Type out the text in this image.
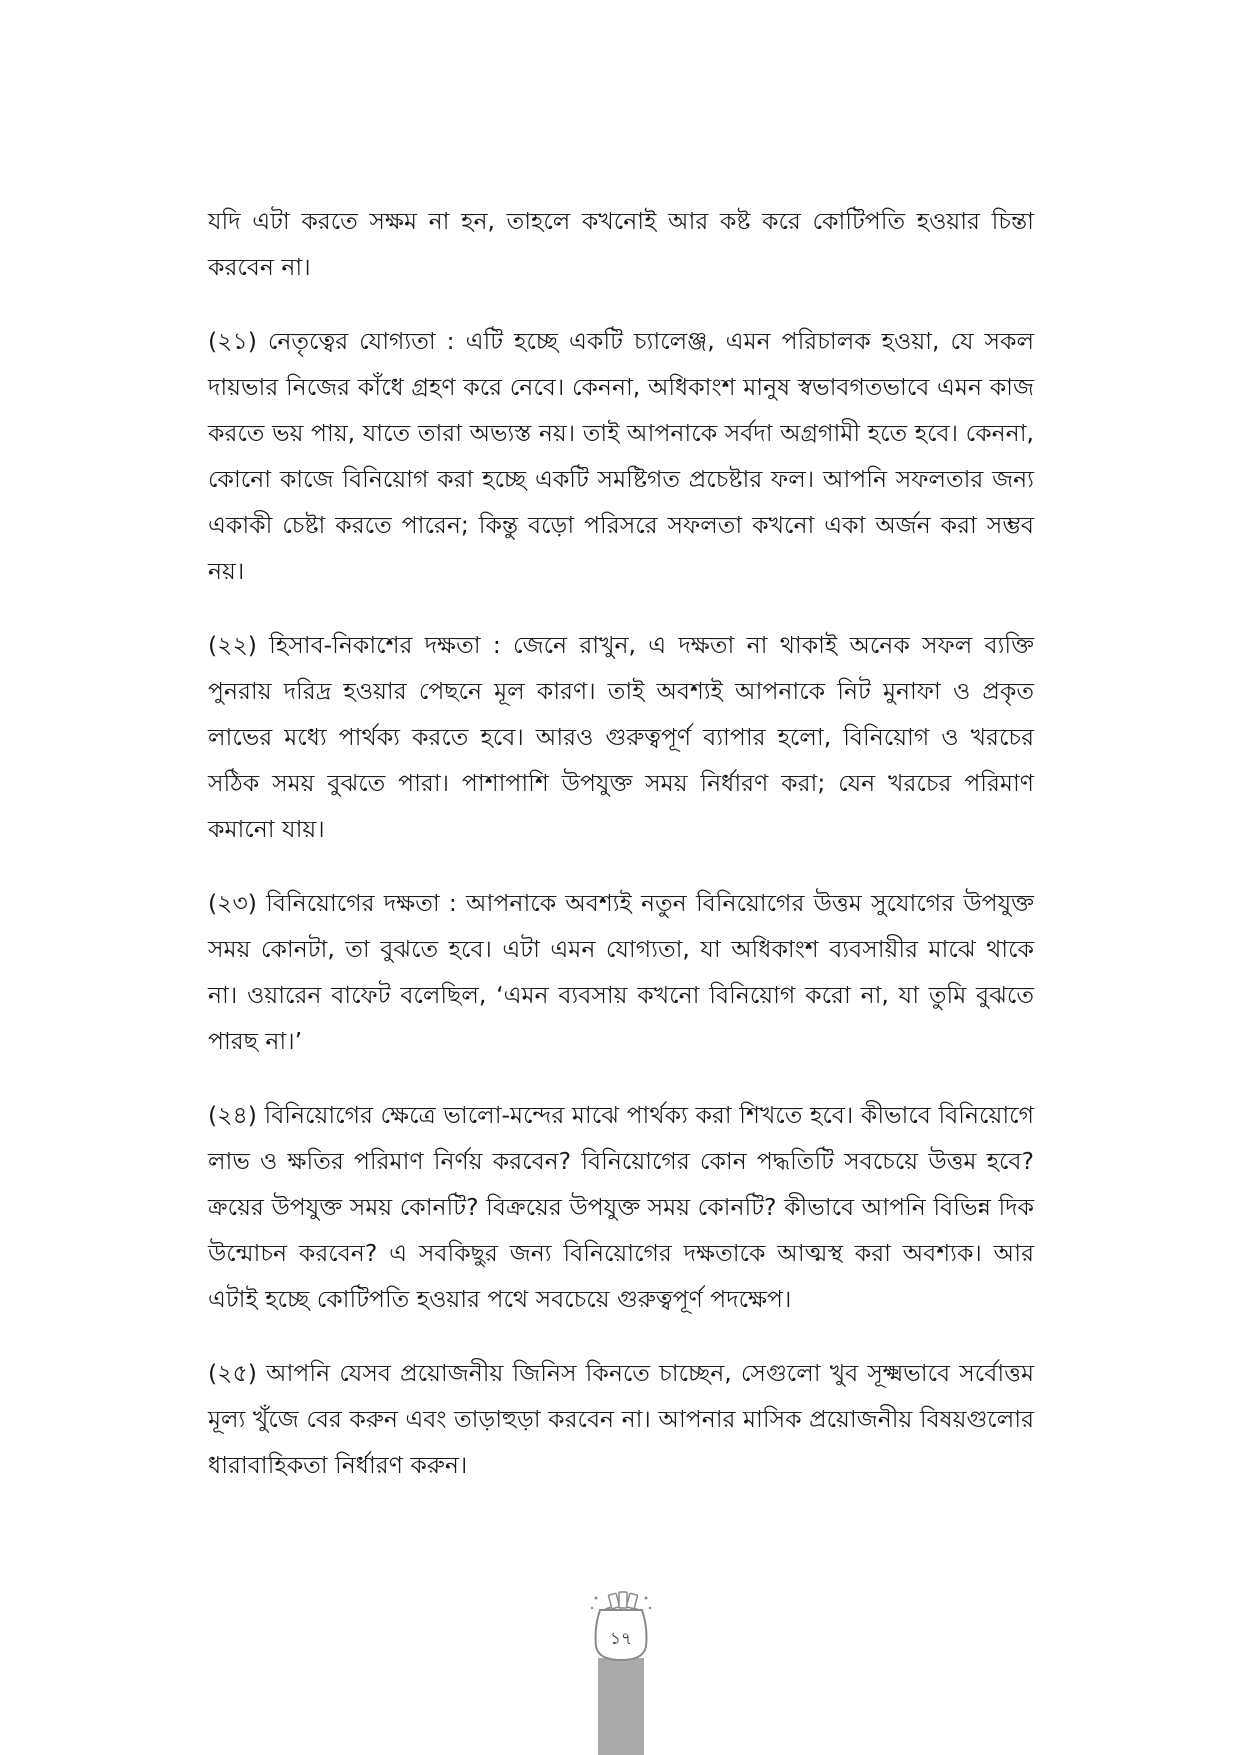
যদি এটা করতে সক্ষম না হন, তাহলে কখনোই আর কষ্ট করে কোটিপতি হওয়ার চিন্তা করবেন না।

(২১) নেতৃত্বের যোগ্যতা : এটি হচ্ছে একটি চ্যালেঞ্জ, এমন পরিচালক হওয়া, যে সকল দায়ভার নিজের কাঁধে গ্রহণ করে নেবে। কেননা, অধিকাংশ মানুষ স্বভাবগতভাবে এমন কাজ করতে ভয় পায়, যাতে তারা অভ্যস্ত নয়। তাই আপনাকে সর্বদা অগ্রগামী হতে হবে। কেননা, কোনো কাজে বিনিয়োগ করা হচ্ছে একটি সমষ্টিগত প্রচেষ্টার ফল। আপনি সফলতার জন্য একাকী চেষ্টা করতে পারেন; কিন্তু বড়ো পরিসরে সফলতা কখনো একা অর্জন করা সম্ভব নয়।

(২২) হিসাব-নিকাশের দক্ষতা : জেনে রাখুন, এ দক্ষতা না থাকাই অনেক সফল ব্যক্তি পুনরায় দরিদ্র হওয়ার পেছনে মূল কারণ। তাই অবশ্যই আপনাকে নিট মুনাফা ও প্রকৃত লাভের মধ্যে পার্থক্য করতে হবে। আরও গুরুত্বপূর্ণ ব্যাপার হলো, বিনিয়োগ ও খরচের সঠিক সময় বুঝতে পারা। পাশাপাশি উপযুক্ত সময় নির্ধারণ করা; যেন খরচের পরিমাণ কমানো যায়।

(২৩) বিনিয়োগের দক্ষতা : আপনাকে অবশ্যই নতুন বিনিয়োগের উত্তম সুযোগের উপযুক্ত সময় কোনটা, তা বুঝতে হবে। এটা এমন যোগ্যতা, যা অধিকাংশ ব্যবসায়ীর মাঝে থাকে না। ওয়ারেন বাফেট বলেছিল, ‘এমন ব্যবসায় কখনো বিনিয়োগ করো না, যা তুমি বুঝতে পারছ না।’

(২৪) বিনিয়োগের ক্ষেত্রে ভালো-মন্দের মাঝে পার্থক্য করা শিখতে হবে। কীভাবে বিনিয়োগে লাভ ও ক্ষতির পরিমাণ নির্ণয় করবেন? বিনিয়োগের কোন পদ্ধতিটি সবচেয়ে উত্তম হবে? ক্রয়ের উপযুক্ত সময় কোনটি? বিক্রয়ের উপযুক্ত সময় কোনটি? কীভাবে আপনি বিভিন্ন দিক উন্মোচন করবেন? এ সবকিছুর জন্য বিনিয়োগের দক্ষতাকে আত্মস্থ করা অবশ্যক। আর এটাই হচ্ছে কোটিপতি হওয়ার পথে সবচেয়ে গুরুত্বপূর্ণ পদক্ষেপ।

(২৫) আপনি যেসব প্রয়োজনীয় জিনিস কিনতে চাচ্ছেন, সেগুলো খুব সূক্ষ্মভাবে সর্বোত্তম মূল্য খুঁজে বের করুন এবং তাড়াহুড়া করবেন না। আপনার মাসিক প্রয়োজনীয় বিষয়গুলোর ধারাবাহিকতা নির্ধারণ করুন।

১৭
